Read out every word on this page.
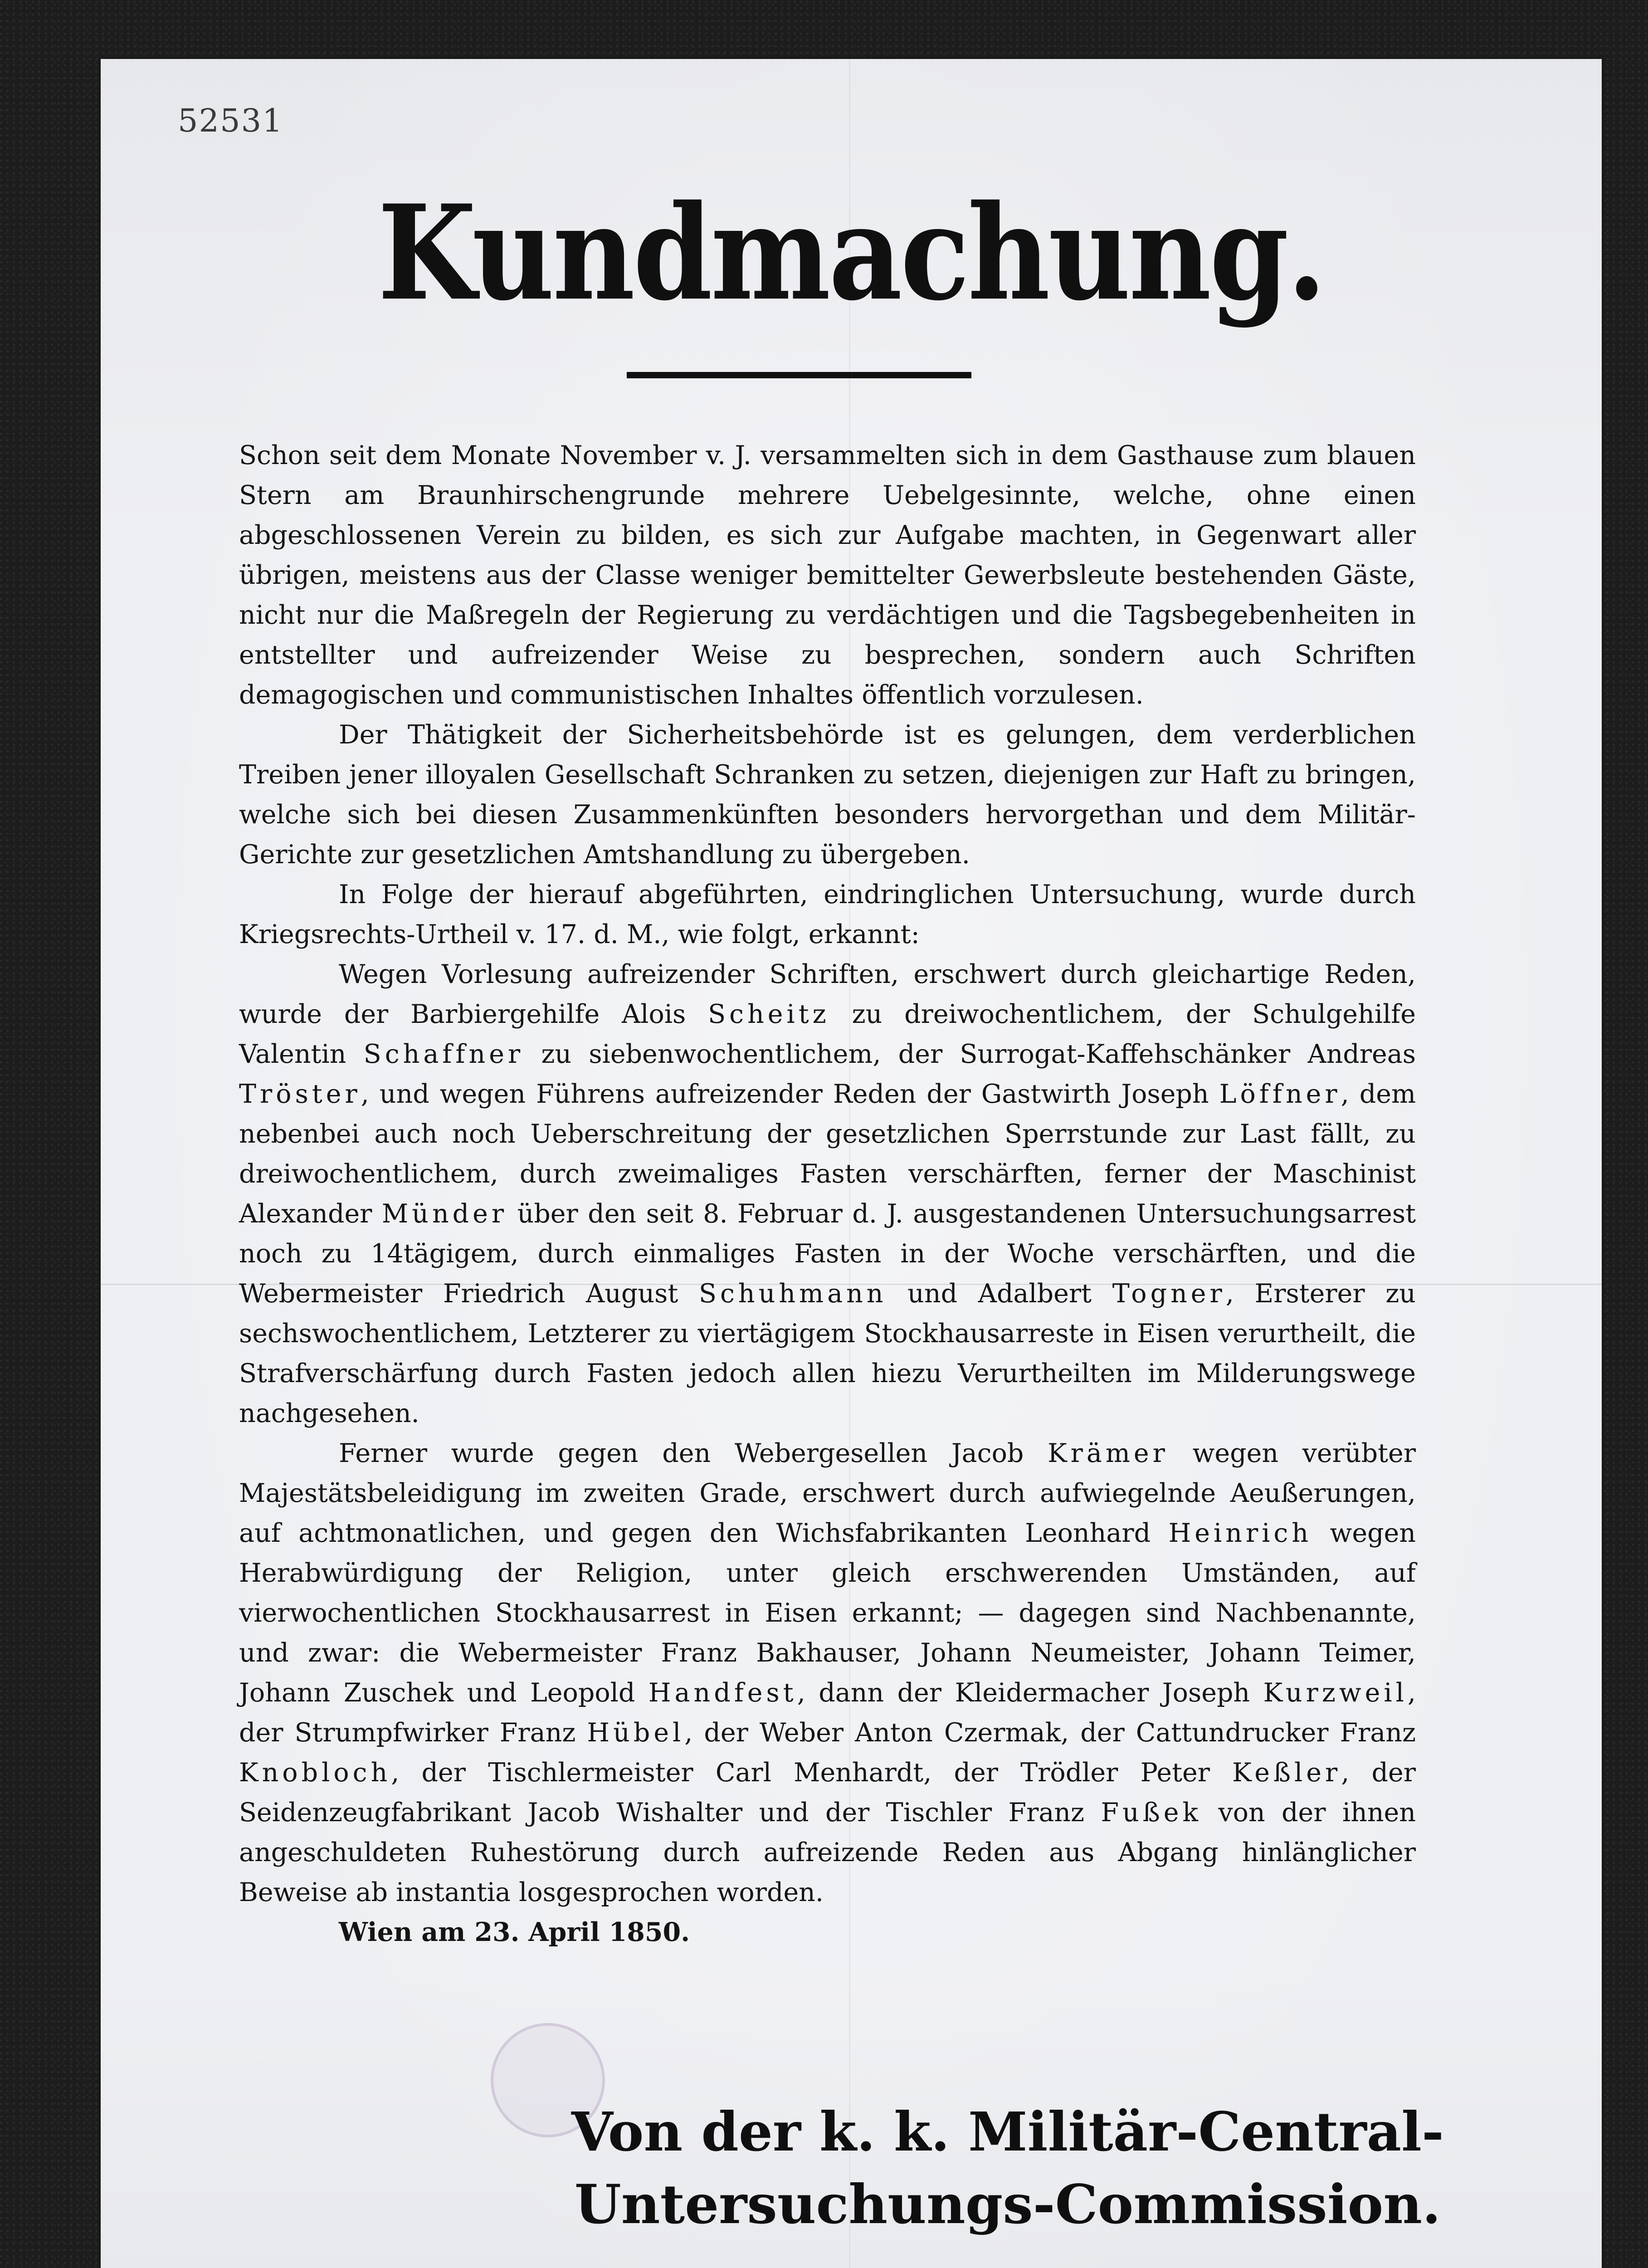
52531
Kundmachung.

Schon seit dem Monate November v. J. versammelten sich in dem Gasthause zum blauen Stern am Braunhirschengrunde mehrere Uebelgesinnte, welche, ohne einen abgeschlossenen Verein zu bilden, es sich zur Aufgabe machten, in Gegenwart aller übrigen, meistens aus der Classe weniger bemittelter Gewerbsleute bestehenden Gäste, nicht nur die Maßregeln der Regierung zu verdächtigen und die Tagsbegebenheiten in entstellter und aufreizender Weise zu besprechen, sondern auch Schriften demagogischen und communistischen Inhaltes öffentlich vorzulesen.

Der Thätigkeit der Sicherheitsbehörde ist es gelungen, dem verderblichen Treiben jener illoyalen Gesellschaft Schranken zu setzen, diejenigen zur Haft zu bringen, welche sich bei diesen Zusammenkünften besonders hervorgethan und dem Militär-Gerichte zur gesetzlichen Amtshandlung zu übergeben.

In Folge der hierauf abgeführten, eindringlichen Untersuchung, wurde durch Kriegsrechts-Urtheil v. 17. d. M., wie folgt, erkannt:

Wegen Vorlesung aufreizender Schriften, erschwert durch gleichartige Reden, wurde der Barbiergehilfe Alois Scheitz zu dreiwochentlichem, der Schulgehilfe Valentin Schaffner zu siebenwochentlichem, der Surrogat-Kaffehschänker Andreas Tröster, und wegen Führens aufreizender Reden der Gastwirth Joseph Löffner, dem nebenbei auch noch Ueberschreitung der gesetzlichen Sperrstunde zur Last fällt, zu dreiwochentlichem, durch zweimaliges Fasten verschärften, ferner der Maschinist Alexander Münder über den seit 8. Februar d. J. ausgestandenen Untersuchungsarrest noch zu 14tägigem, durch einmaliges Fasten in der Woche verschärften, und die Webermeister Friedrich August Schuhmann und Adalbert Togner, Ersterer zu sechswochentlichem, Letzterer zu viertägigem Stockhausarreste in Eisen verurtheilt, die Strafverschärfung durch Fasten jedoch allen hiezu Verurtheilten im Milderungswege nachgesehen.

Ferner wurde gegen den Webergesellen Jacob Krämer wegen verübter Majestätsbeleidigung im zweiten Grade, erschwert durch aufwiegelnde Aeußerungen, auf achtmonatlichen, und gegen den Wichsfabrikanten Leonhard Heinrich wegen Herabwürdigung der Religion, unter gleich erschwerenden Umständen, auf vierwochentlichen Stockhausarrest in Eisen erkannt; — dagegen sind Nachbenannte, und zwar: die Webermeister Franz Bakhauser, Johann Neumeister, Johann Teimer, Johann Zuschek und Leopold Handfest, dann der Kleidermacher Joseph Kurzweil, der Strumpfwirker Franz Hübel, der Weber Anton Czermak, der Cattundrucker Franz Knobloch, der Tischlermeister Carl Menhardt, der Trödler Peter Keßler, der Seidenzeugfabrikant Jacob Wishalter und der Tischler Franz Fußek von der ihnen angeschuldeten Ruhestörung durch aufreizende Reden aus Abgang hinlänglicher Beweise ab instantia losgesprochen worden.

Wien am 23. April 1850.

Von der k. k. Militär-Central-
Untersuchungs-Commission.
